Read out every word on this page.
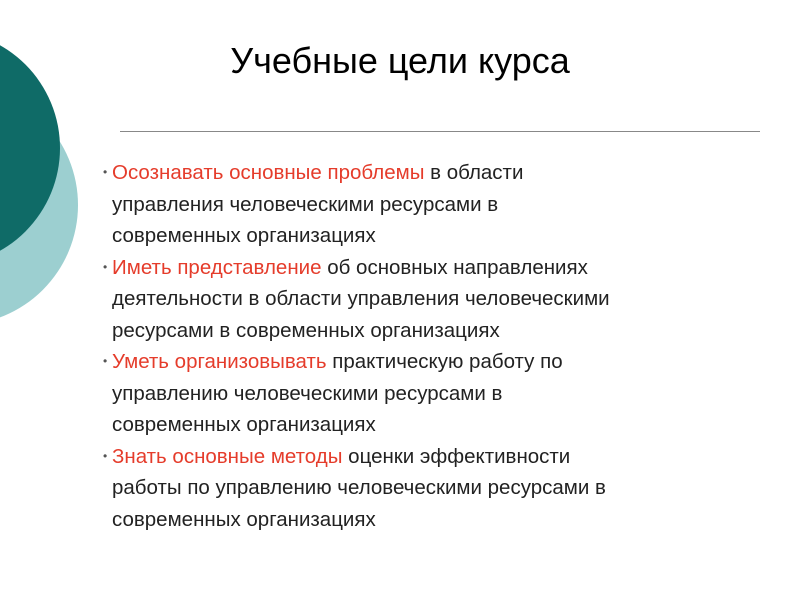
Учебные цели курса
• Осознавать основные проблемы в области
управления человеческими ресурсами в
современных организациях
• Иметь представление об основных направлениях
деятельности в области управления человеческими
ресурсами в современных организациях
• Уметь организовывать практическую работу по
управлению человеческими ресурсами в
современных организациях
• Знать основные методы оценки эффективности
работы по управлению человеческими ресурсами в
современных организациях
